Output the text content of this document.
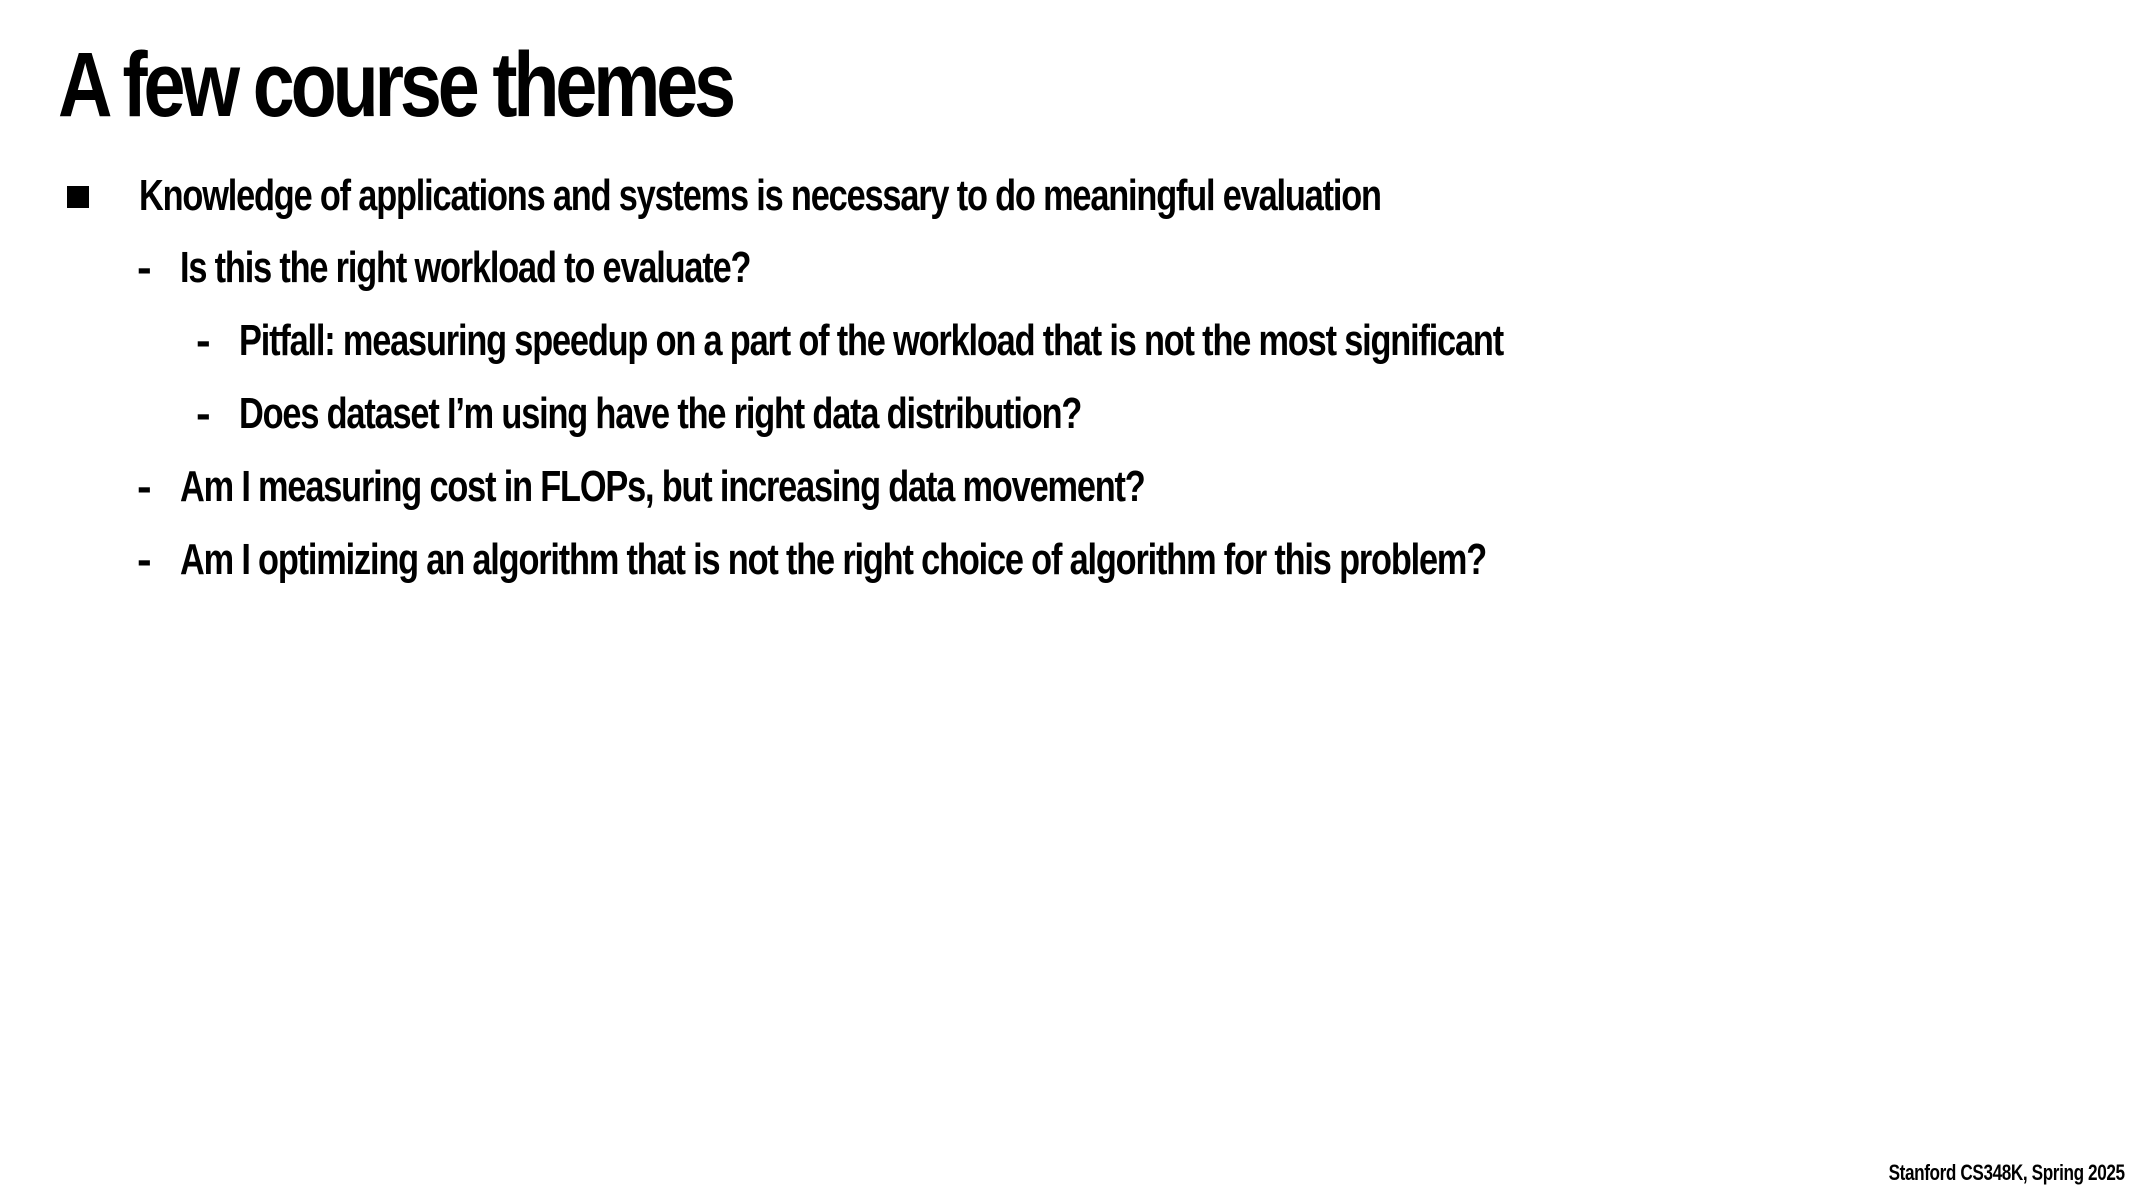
A few course themes
Knowledge of applications and systems is necessary to do meaningful evaluation
- Is this the right workload to evaluate?
- Pitfall: measuring speedup on a part of the workload that is not the most significant
- Does dataset I’m using have the right data distribution?
- Am I measuring cost in FLOPs, but increasing data movement?
- Am I optimizing an algorithm that is not the right choice of algorithm for this problem?
Stanford CS348K, Spring 2025
